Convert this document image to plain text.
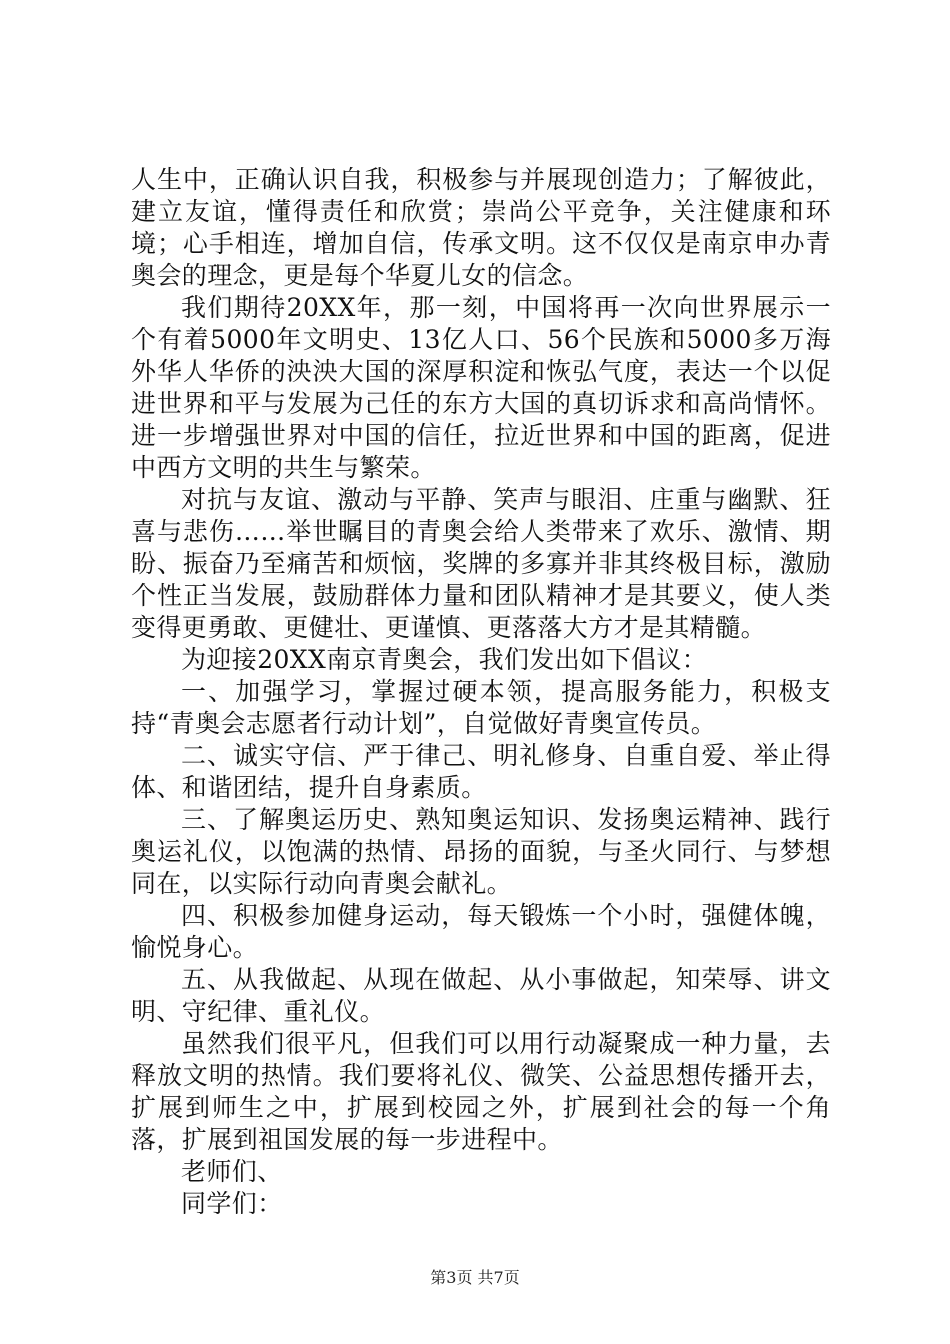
人生中，正确认识自我，积极参与并展现创造力；了解彼此，建立友谊，懂得责任和欣赏；崇尚公平竞争，关注健康和环境；心手相连，增加自信，传承文明。这不仅仅是南京申办青奥会的理念，更是每个华夏儿女的信念。

我们期待20XX年，那一刻，中国将再一次向世界展示一个有着5000年文明史、13亿人口、56个民族和5000多万海外华人华侨的泱泱大国的深厚积淀和恢弘气度，表达一个以促进世界和平与发展为己任的东方大国的真切诉求和高尚情怀。进一步增强世界对中国的信任，拉近世界和中国的距离，促进中西方文明的共生与繁荣。

对抗与友谊、激动与平静、笑声与眼泪、庄重与幽默、狂喜与悲伤……举世瞩目的青奥会给人类带来了欢乐、激情、期盼、振奋乃至痛苦和烦恼，奖牌的多寡并非其终极目标，激励个性正当发展，鼓励群体力量和团队精神才是其要义，使人类变得更勇敢、更健壮、更谨慎、更落落大方才是其精髓。

为迎接20XX南京青奥会，我们发出如下倡议：

一、加强学习，掌握过硬本领，提高服务能力，积极支持“青奥会志愿者行动计划”，自觉做好青奥宣传员。

二、诚实守信、严于律己、明礼修身、自重自爱、举止得体、和谐团结，提升自身素质。

三、了解奥运历史、熟知奥运知识、发扬奥运精神、践行奥运礼仪，以饱满的热情、昂扬的面貌，与圣火同行、与梦想同在，以实际行动向青奥会献礼。

四、积极参加健身运动，每天锻炼一个小时，强健体魄，愉悦身心。

五、从我做起、从现在做起、从小事做起，知荣辱、讲文明、守纪律、重礼仪。

虽然我们很平凡，但我们可以用行动凝聚成一种力量，去释放文明的热情。我们要将礼仪、微笑、公益思想传播开去，扩展到师生之中，扩展到校园之外，扩展到社会的每一个角落，扩展到祖国发展的每一步进程中。

老师们、

同学们：

第3页 共7页
